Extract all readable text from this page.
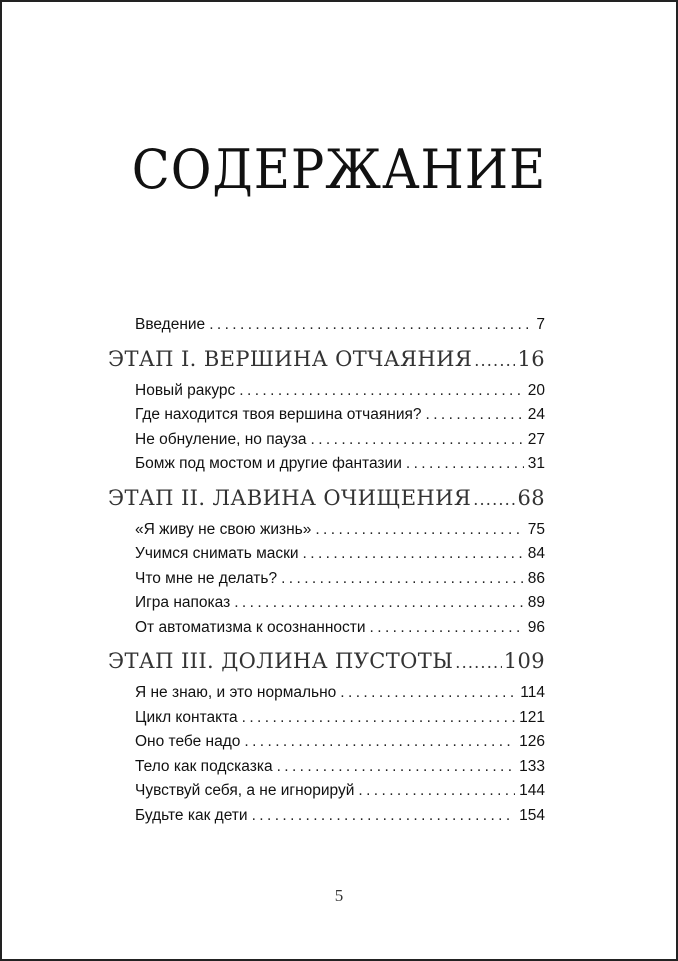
СОДЕРЖАНИЕ
Введение .....	7
ЭТАП I. ВЕРШИНА ОТЧАЯНИЯ ..... 16
Новый ракурс .....	20
Где находится твоя вершина отчаяния? .....	24
Не обнуление, но пауза .....	27
Бомж под мостом и другие фантазии .....	31
ЭТАП II. ЛАВИНА ОЧИЩЕНИЯ ..... 68
«Я живу не свою жизнь» .....	75
Учимся снимать маски .....	84
Что мне не делать? .....	86
Игра напоказ .....	89
От автоматизма к осознанности .....	96
ЭТАП III. ДОЛИНА ПУСТОТЫ ..... 109
Я не знаю, и это нормально .....	114
Цикл контакта .....	121
Оно тебе надо .....	126
Тело как подсказка .....	133
Чувствуй себя, а не игнорируй .....	144
Будьте как дети .....	154
5
